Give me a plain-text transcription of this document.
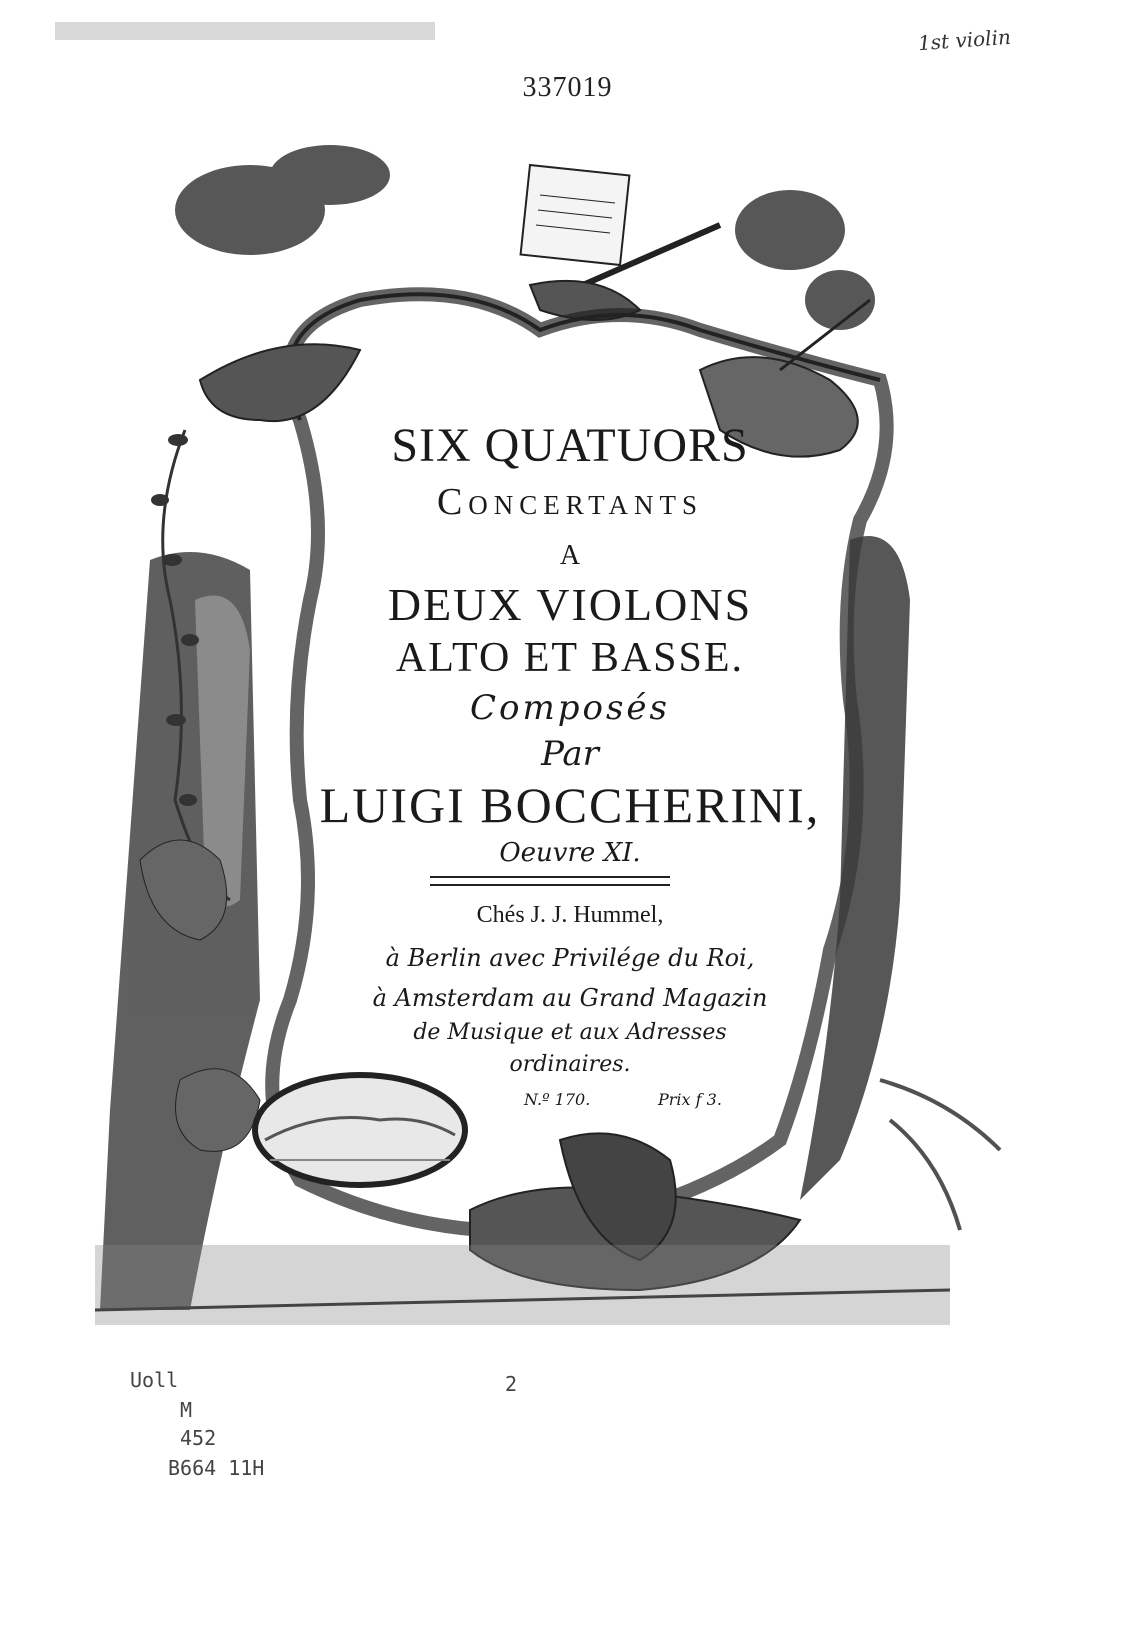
1st violin
337019
SIX QUATUORS
Concertants
A
DEUX VIOLONS
ALTO ET BASSE.
Composés
Par
LUIGI BOCCHERINI,
Oeuvre XI.
Chés J. J. Hummel,
à Berlin avec Privilége du Roi,
à Amsterdam au Grand Magazin
de Musique et aux Adresses
ordinaires.
N.º 170.	Prix f 3.
Uoll
M
452
B664 11H
2
